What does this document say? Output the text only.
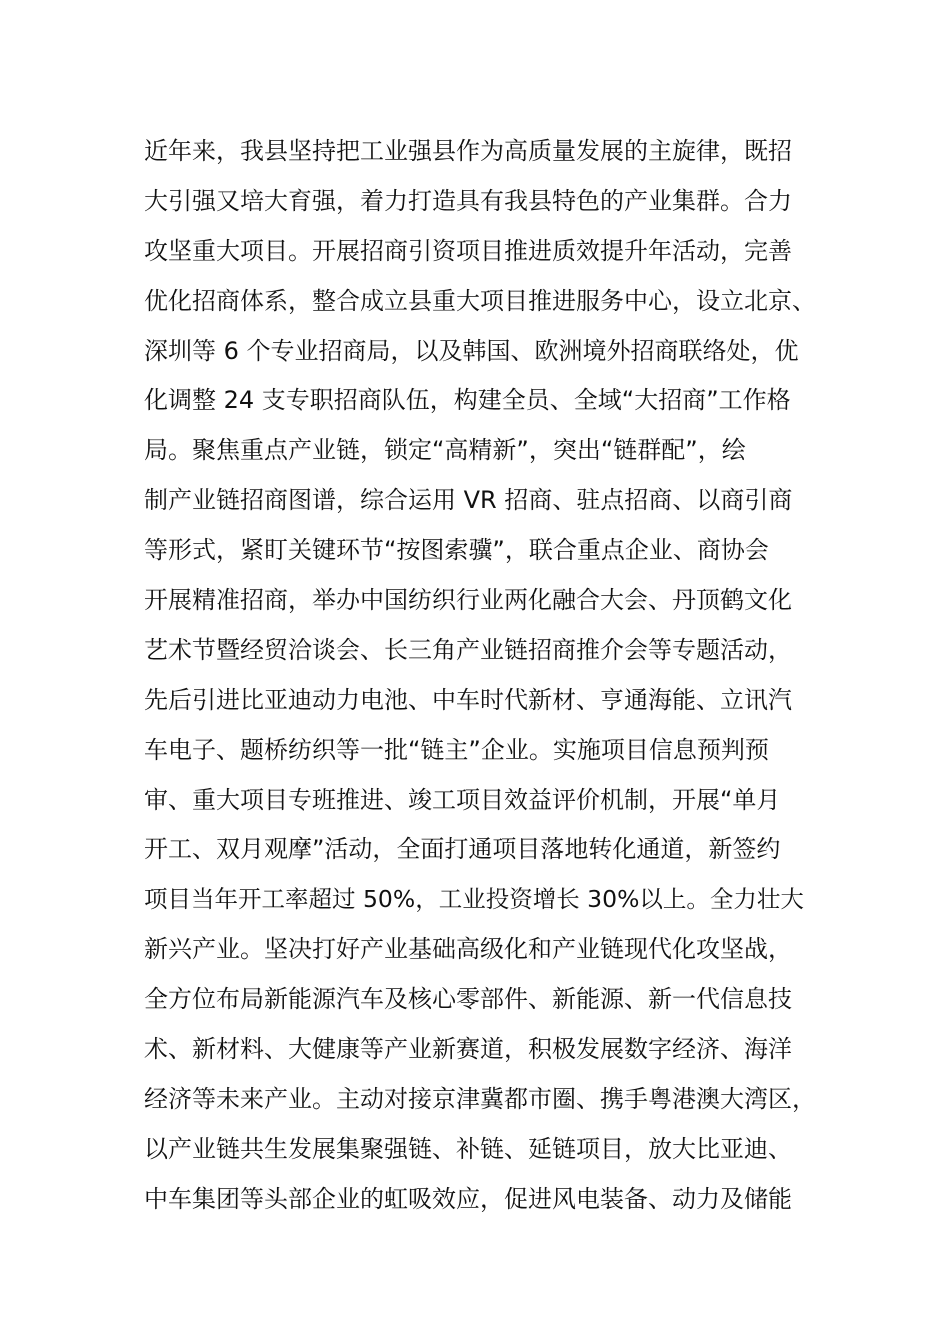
近年来，我县坚持把工业强县作为高质量发展的主旋律，既招
大引强又培大育强，着力打造具有我县特色的产业集群。合力
攻坚重大项目。开展招商引资项目推进质效提升年活动，完善
优化招商体系，整合成立县重大项目推进服务中心，设立北京、
深圳等 6 个专业招商局，以及韩国、欧洲境外招商联络处，优
化调整 24 支专职招商队伍，构建全员、全域“大招商”工作格
局。聚焦重点产业链，锁定“高精新”，突出“链群配”，绘
制产业链招商图谱，综合运用 VR 招商、驻点招商、以商引商
等形式，紧盯关键环节“按图索骥”，联合重点企业、商协会
开展精准招商，举办中国纺织行业两化融合大会、丹顶鹤文化
艺术节暨经贸洽谈会、长三角产业链招商推介会等专题活动，
先后引进比亚迪动力电池、中车时代新材、亨通海能、立讯汽
车电子、题桥纺织等一批“链主”企业。实施项目信息预判预
审、重大项目专班推进、竣工项目效益评价机制，开展“单月
开工、双月观摩”活动，全面打通项目落地转化通道，新签约
项目当年开工率超过 50%，工业投资增长 30%以上。全力壮大
新兴产业。坚决打好产业基础高级化和产业链现代化攻坚战，
全方位布局新能源汽车及核心零部件、新能源、新一代信息技
术、新材料、大健康等产业新赛道，积极发展数字经济、海洋
经济等未来产业。主动对接京津冀都市圈、携手粤港澳大湾区，
以产业链共生发展集聚强链、补链、延链项目，放大比亚迪、
中车集团等头部企业的虹吸效应，促进风电装备、动力及储能
